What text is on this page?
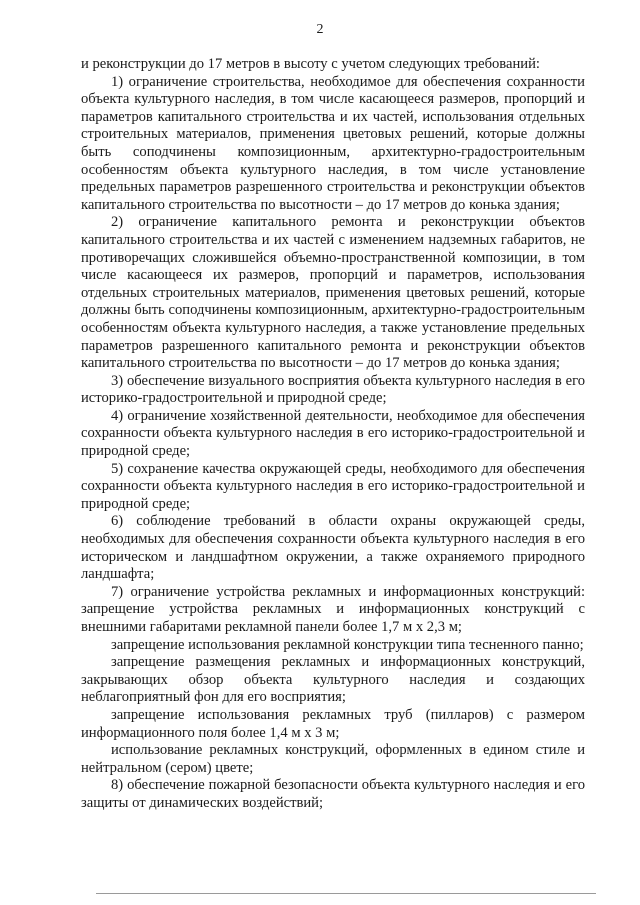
2

и реконструкции до 17 метров в высоту с учетом следующих требований:

1) ограничение строительства, необходимое для обеспечения сохранности объекта культурного наследия, в том числе касающееся размеров, пропорций и параметров капитального строительства и их частей, использования отдельных строительных материалов, применения цветовых решений, которые должны быть соподчинены композиционным, архитектурно-градостроительным особенностям объекта культурного наследия, в том числе установление предельных параметров разрешенного строительства и реконструкции объектов капитального строительства по высотности – до 17 метров до конька здания;

2) ограничение капитального ремонта и реконструкции объектов капитального строительства и их частей с изменением надземных габаритов, не противоречащих сложившейся объемно-пространственной композиции, в том числе касающееся их размеров, пропорций и параметров, использования отдельных строительных материалов, применения цветовых решений, которые должны быть соподчинены композиционным, архитектурно-градостроительным особенностям объекта культурного наследия, а также установление предельных параметров разрешенного капитального ремонта и реконструкции объектов капитального строительства по высотности – до 17 метров до конька здания;

3) обеспечение визуального восприятия объекта культурного наследия в его историко-градостроительной и природной среде;

4) ограничение хозяйственной деятельности, необходимое для обеспечения сохранности объекта культурного наследия в его историко-градостроительной и природной среде;

5) сохранение качества окружающей среды, необходимого для обеспечения сохранности объекта культурного наследия в его историко-градостроительной и природной среде;

6) соблюдение требований в области охраны окружающей среды, необходимых для обеспечения сохранности объекта культурного наследия в его историческом и ландшафтном окружении, а также охраняемого природного ландшафта;

7) ограничение устройства рекламных и информационных конструкций: запрещение устройства рекламных и информационных конструкций с внешними габаритами рекламной панели более 1,7 м х 2,3 м;

запрещение использования рекламной конструкции типа тесненного панно;

запрещение размещения рекламных и информационных конструкций, закрывающих обзор объекта культурного наследия и создающих неблагоприятный фон для его восприятия;

запрещение использования рекламных труб (пилларов) с размером информационного поля более 1,4 м х 3 м;

использование рекламных конструкций, оформленных в едином стиле и нейтральном (сером) цвете;

8) обеспечение пожарной безопасности объекта культурного наследия и его защиты от динамических воздействий;
